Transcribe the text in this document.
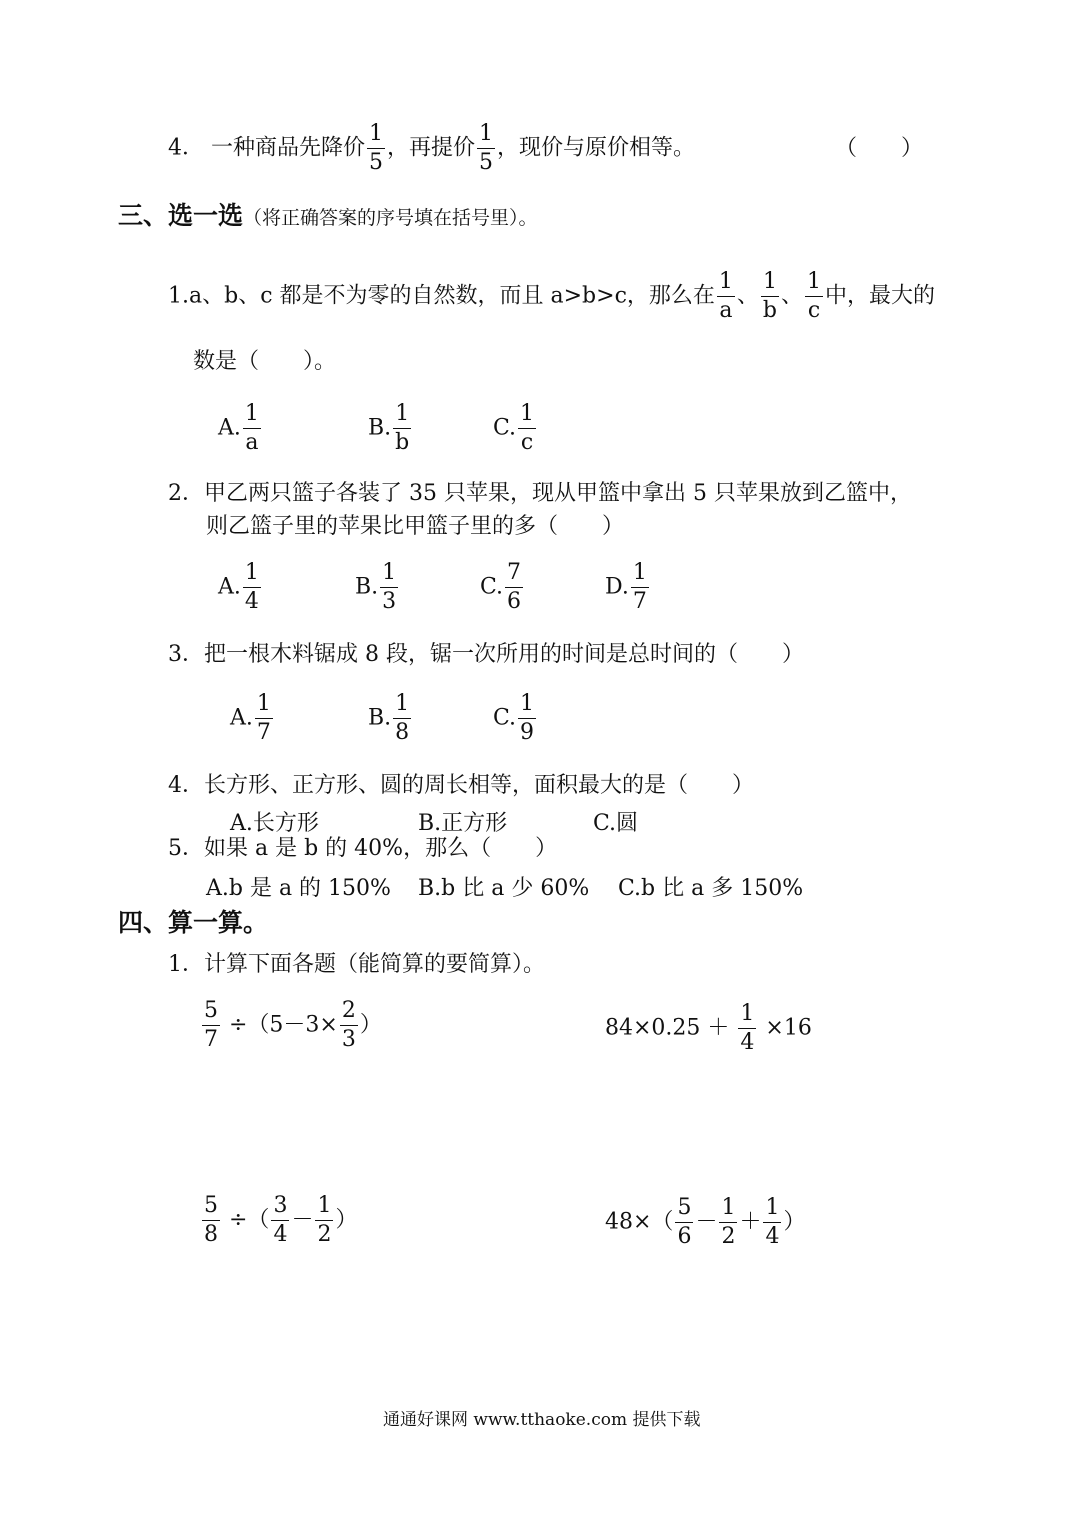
4． 一种商品先降价 $\frac{1}{5}$ ，再提价 $\frac{1}{5}$ ，现价与原价相等。	（　　）
三、选一选（将正确答案的序号填在括号里）。
1.a、b、c 都是不为零的自然数，而且 a>b>c，那么在 $\frac{1}{a}$ 、 $\frac{1}{b}$ 、 $\frac{1}{c}$ 中，最大的
数是（　　）。
A. $\frac{1}{a}$	B. $\frac{1}{b}$	C. $\frac{1}{c}$
2．甲乙两只篮子各装了 35 只苹果，现从甲篮中拿出 5 只苹果放到乙篮中，
则乙篮子里的苹果比甲篮子里的多（　　）
A. $\frac{1}{4}$	B. $\frac{1}{3}$	C. $\frac{7}{6}$	D. $\frac{1}{7}$
3．把一根木料锯成 8 段，锯一次所用的时间是总时间的（　　）
A. $\frac{1}{7}$	B. $\frac{1}{8}$	C. $\frac{1}{9}$
4．长方形、正方形、圆的周长相等，面积最大的是（　　）
A.长方形	B.正方形	C.圆
5．如果 a 是 b 的 40%，那么（　　）
A.b 是 a 的 150% B.b 比 a 少 60% C.b 比 a 多 150%
四、算一算。
1．计算下面各题（能简算的要简算）。
$\frac{5}{7} \div(5-3\times \frac{2}{3}$ ）	$84\times 0.25 + \frac{1}{4} \times 16$
$\frac{5}{8}$ ÷（ $\frac{3}{4} - \frac{1}{2}$ ）	$48\times( \frac{5}{6} - \frac{1}{2} + \frac{1}{4}$ ）
通通好课网 www.tthaoke.com 提供下载
